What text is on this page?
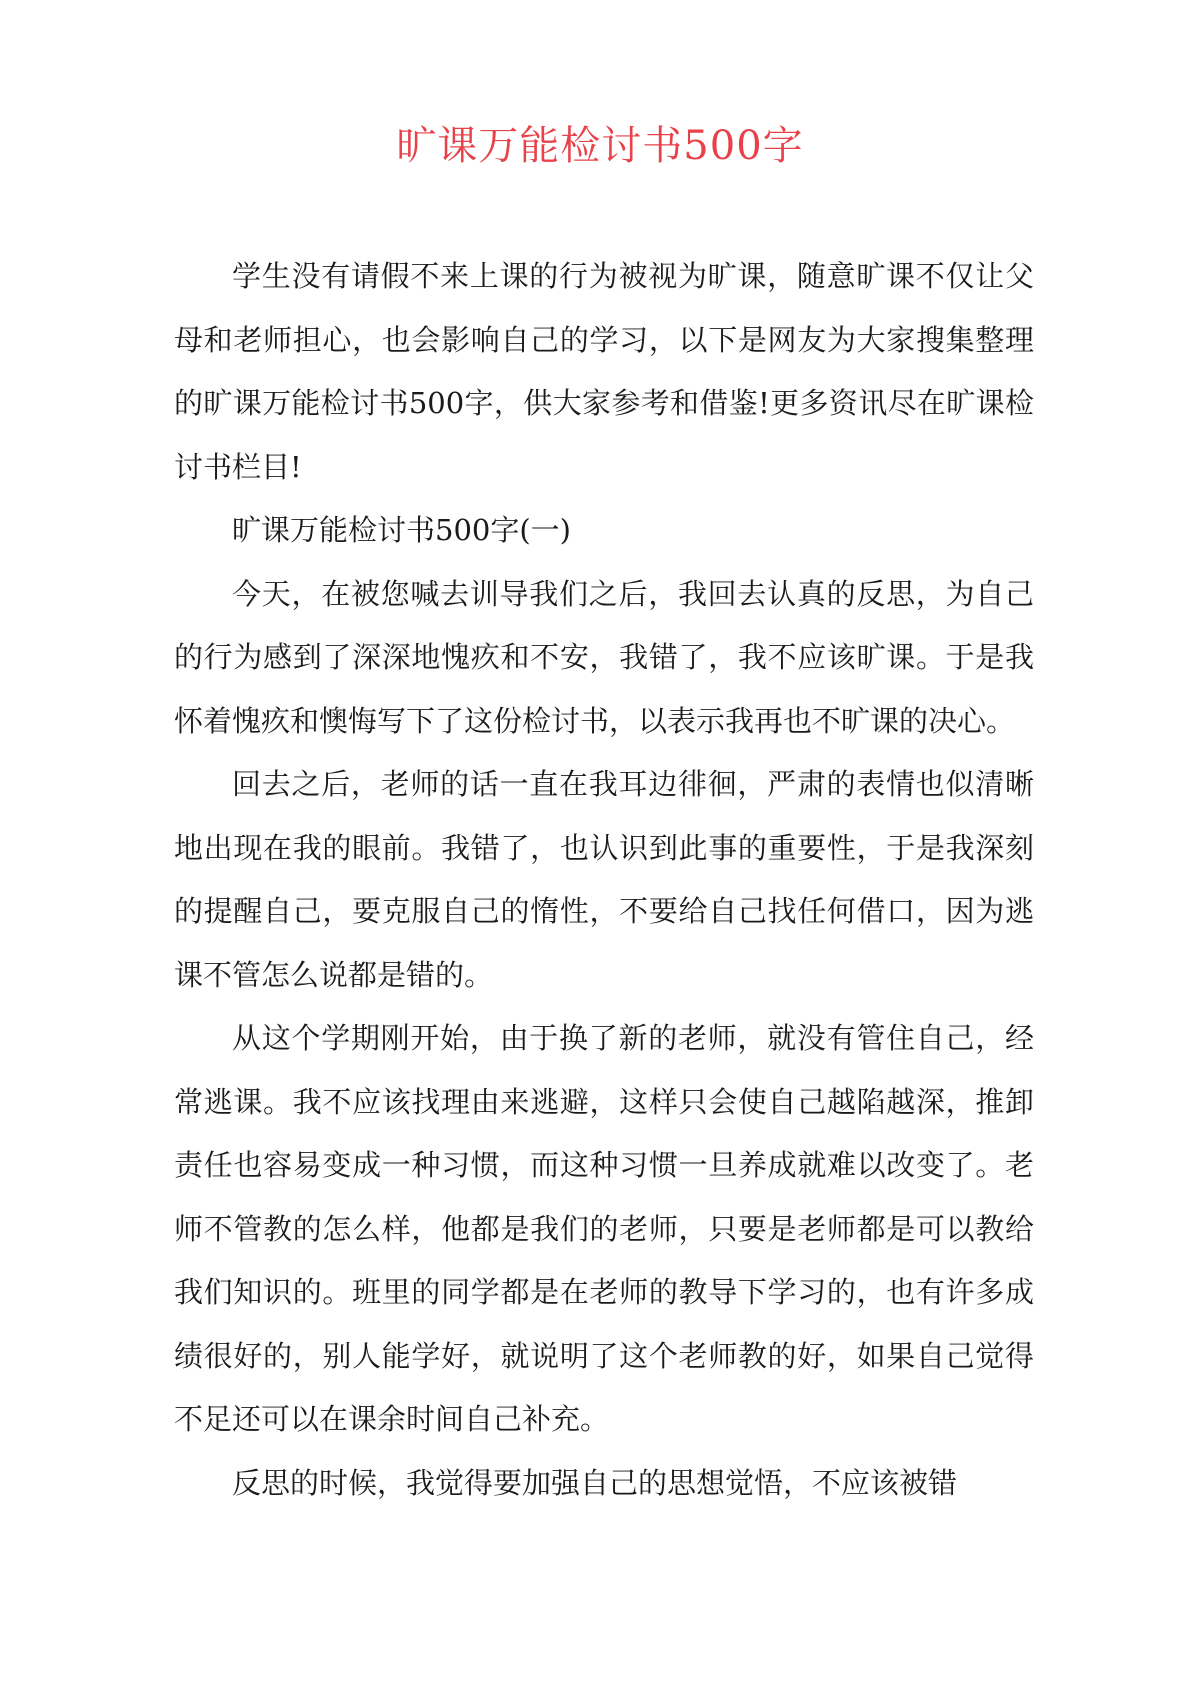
旷课万能检讨书500字

学生没有请假不来上课的行为被视为旷课，随意旷课不仅让父母和老师担心，也会影响自己的学习，以下是网友为大家搜集整理的旷课万能检讨书500字，供大家参考和借鉴!更多资讯尽在旷课检讨书栏目!

旷课万能检讨书500字(一)

今天，在被您喊去训导我们之后，我回去认真的反思，为自己的行为感到了深深地愧疚和不安，我错了，我不应该旷课。于是我怀着愧疚和懊悔写下了这份检讨书，以表示我再也不旷课的决心。

回去之后，老师的话一直在我耳边徘徊，严肃的表情也似清晰地出现在我的眼前。我错了，也认识到此事的重要性，于是我深刻的提醒自己，要克服自己的惰性，不要给自己找任何借口，因为逃课不管怎么说都是错的。

从这个学期刚开始，由于换了新的老师，就没有管住自己，经常逃课。我不应该找理由来逃避，这样只会使自己越陷越深，推卸责任也容易变成一种习惯，而这种习惯一旦养成就难以改变了。老师不管教的怎么样，他都是我们的老师，只要是老师都是可以教给我们知识的。班里的同学都是在老师的教导下学习的，也有许多成绩很好的，别人能学好，就说明了这个老师教的好，如果自己觉得不足还可以在课余时间自己补充。

反思的时候，我觉得要加强自己的思想觉悟，不应该被错
